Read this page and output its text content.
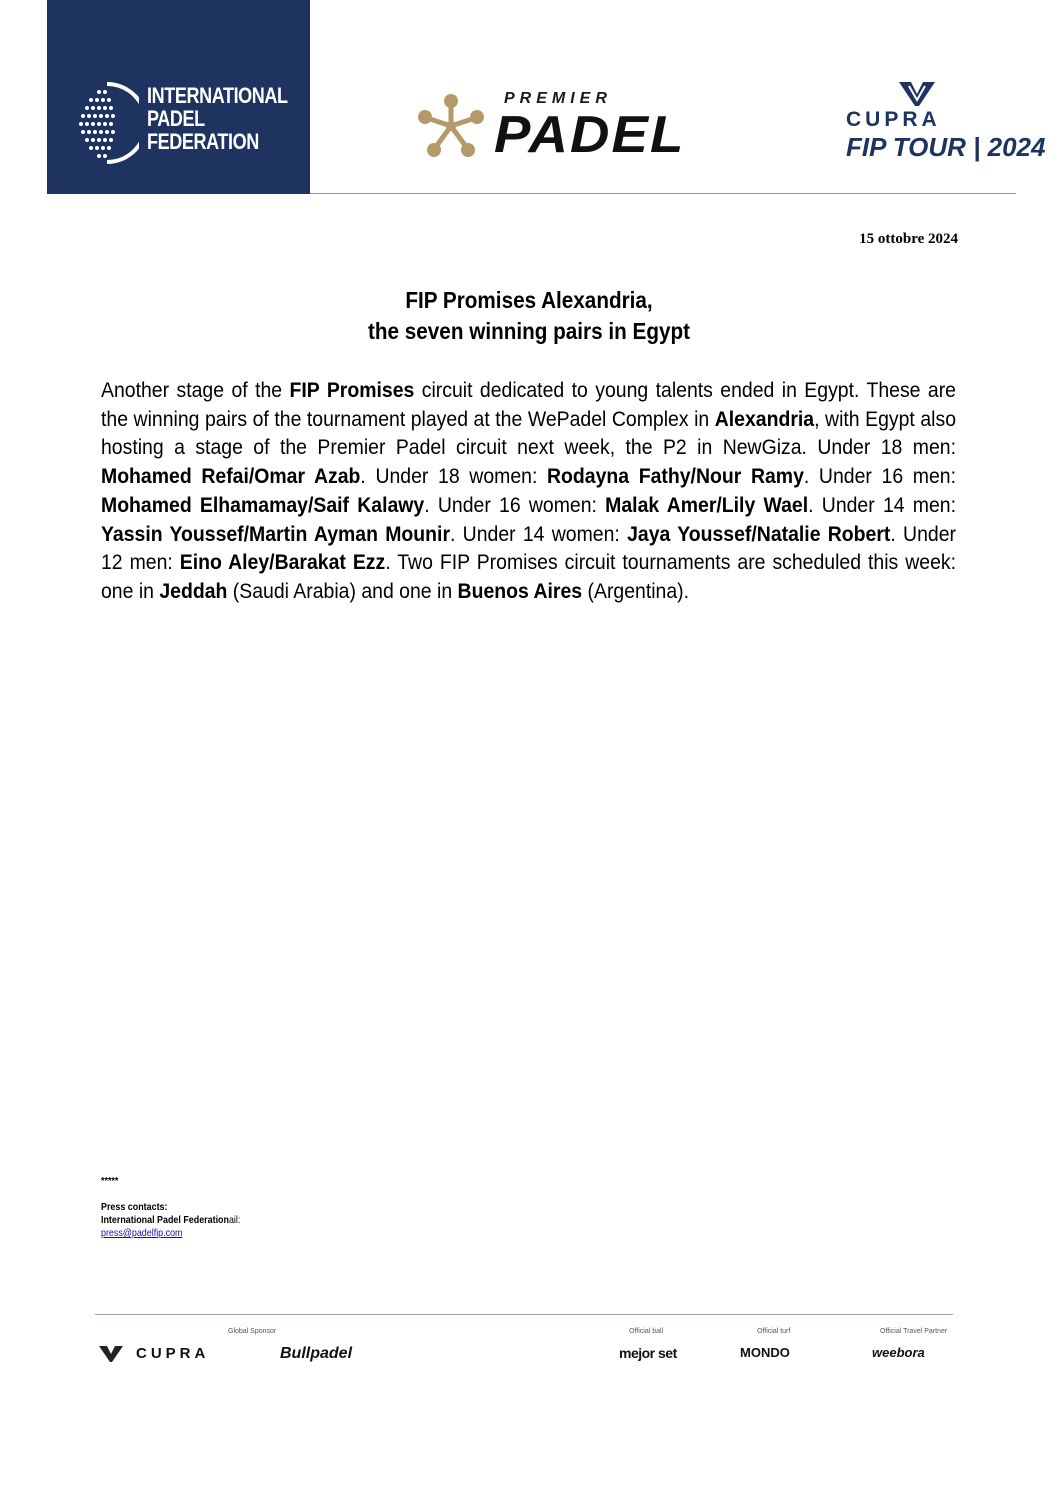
INTERNATIONAL
PADEL
FEDERATION
PREMIER
PADEL	CUPRA
FIP TOUR | 2024
15 ottobre 2024
FIP Promises Alexandria,
the seven winning pairs in Egypt
Another stage of the FIP Promises circuit dedicated to young talents ended in Egypt. These are the winning pairs of the tournament played at the WePadel Complex in Alexandria, with Egypt also hosting a stage of the Premier Padel circuit next week, the P2 in NewGiza. Under 18 men: Mohamed Refai/Omar Azab. Under 18 women: Rodayna Fathy/Nour Ramy. Under 16 men: Mohamed Elhamamay/Saif Kalawy. Under 16 women: Malak Amer/Lily Wael. Under 14 men: Yassin Youssef/Martin Ayman Mounir. Under 14 women: Jaya Youssef/Natalie Robert. Under 12 men: Eino Aley/Barakat Ezz. Two FIP Promises circuit tournaments are scheduled this week: one in Jeddah (Saudi Arabia) and one in Buenos Aires (Argentina).
*****
Press contacts:
International Padel Federationail:
press@padelfip.com
Global Sponsor	Official ball	Official turf	Official Travel Partner
CUPRA	Bullpadel	mejor set	MONDO	weebora
